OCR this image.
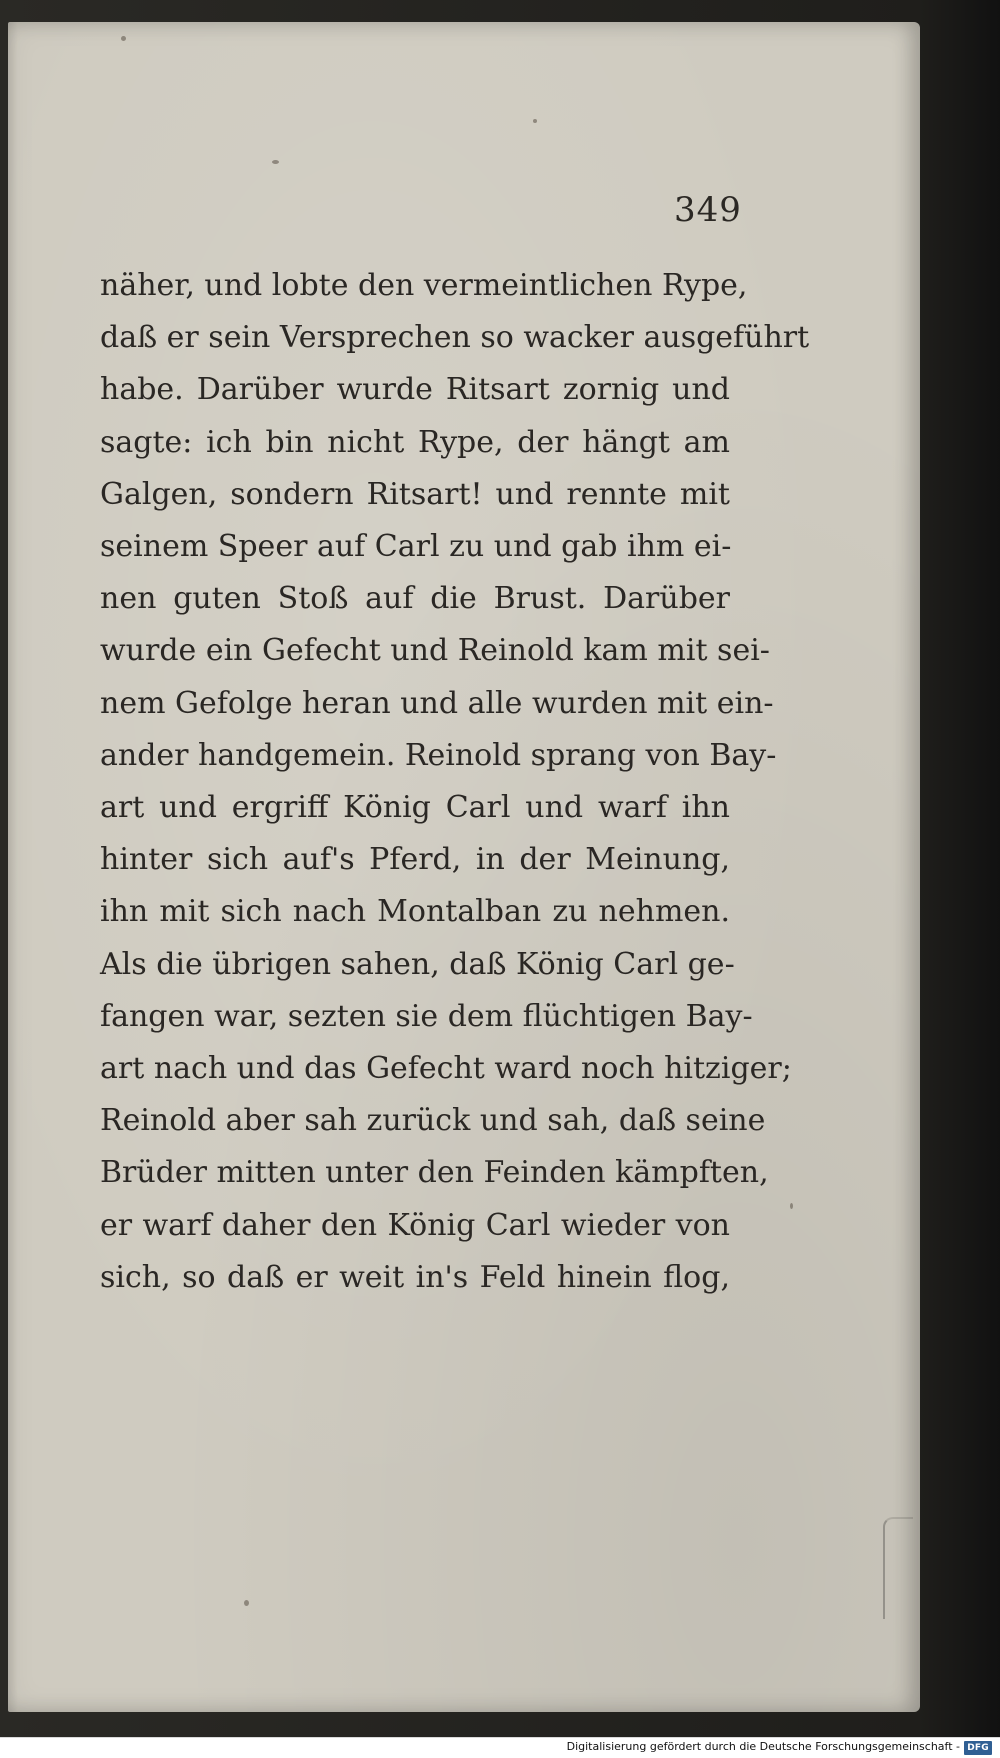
349
näher, und lobte den vermeintlichen Rype,
daß er sein Versprechen so wacker ausgeführt
habe. Darüber wurde Ritsart zornig und
sagte: ich bin nicht Rype, der hängt am
Galgen, sondern Ritsart! und rennte mit
seinem Speer auf Carl zu und gab ihm ei-
nen guten Stoß auf die Brust. Darüber
wurde ein Gefecht und Reinold kam mit sei-
nem Gefolge heran und alle wurden mit ein-
ander handgemein. Reinold sprang von Bay-
art und ergriff König Carl und warf ihn
hinter sich auf's Pferd, in der Meinung,
ihn mit sich nach Montalban zu nehmen.
Als die übrigen sahen, daß König Carl ge-
fangen war, sezten sie dem flüchtigen Bay-
art nach und das Gefecht ward noch hitziger;
Reinold aber sah zurück und sah, daß seine
Brüder mitten unter den Feinden kämpften,
er warf daher den König Carl wieder von
sich, so daß er weit in's Feld hinein flog,
Digitalisierung gefördert durch die Deutsche Forschungsgemeinschaft - DFG
